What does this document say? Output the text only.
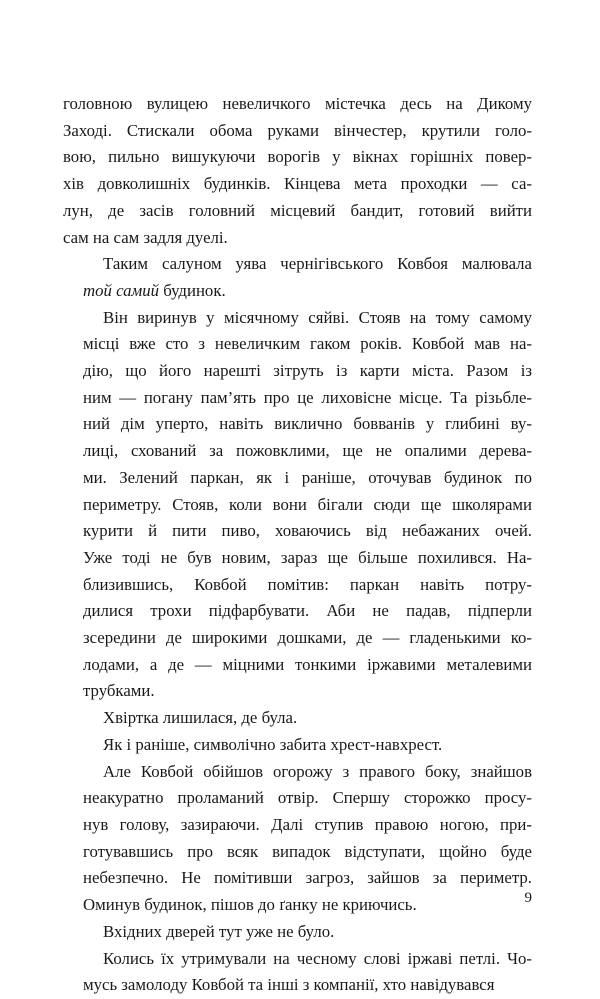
головною вулицею невеличкого містечка десь на Дикому
Заході. Стискали обома руками вінчестер, крутили голо-
вою, пильно вишукуючи ворогів у вікнах горішніх повер-
хів довколишніх будинків. Кінцева мета проходки — са-
лун, де засів головний місцевий бандит, готовий вийти
сам на сам задля дуелі.

Таким салуном уява чернігівського Ковбоя малювала
той самий будинок.

Він виринув у місячному сяйві. Стояв на тому самому
місці вже сто з невеличким гаком років. Ковбой мав на-
дію, що його нарешті зітруть із карти міста. Разом із
ним — погану пам’ять про це лиховісне місце. Та різьбле-
ний дім уперто, навіть виклично бовванів у глибині ву-
лиці, схований за пожовклими, ще не опалими дерева-
ми. Зелений паркан, як і раніше, оточував будинок по
периметру. Стояв, коли вони бігали сюди ще школярами
курити й пити пиво, ховаючись від небажаних очей.
Уже тоді не був новим, зараз ще більше похилився. На-
близившись, Ковбой помітив: паркан навіть потру-
дилися трохи підфарбувати. Аби не падав, підперли
зсередини де широкими дошками, де — гладенькими ко-
лодами, а де — міцними тонкими іржавими металевими
трубками.

Хвіртка лишилася, де була.

Як і раніше, символічно забита хрест-навхрест.

Але Ковбой обійшов огорожу з правого боку, знайшов
неакуратно проламаний отвір. Спершу сторожко просу-
нув голову, зазираючи. Далі ступив правою ногою, при-
готувавшись про всяк випадок відступати, щойно буде
небезпечно. Не помітивши загроз, зайшов за периметр.
Оминув будинок, пішов до ґанку не криючись.

Вхідних дверей тут уже не було.

Колись їх утримували на чесному слові іржаві петлі. Чо-
мусь замолоду Ковбой та інші з компанії, хто навідувався

9
